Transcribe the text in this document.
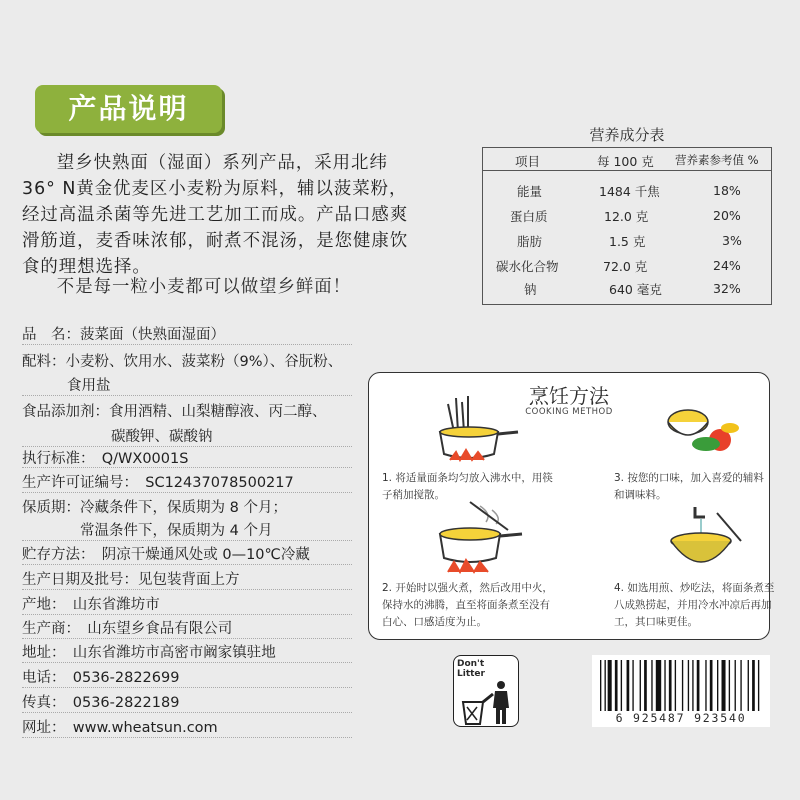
产品说明
望乡快熟面（湿面）系列产品，采用北纬
36° N黄金优麦区小麦粉为原料，辅以菠菜粉，
经过高温杀菌等先进工艺加工而成。产品口感爽
滑筋道，麦香味浓郁，耐煮不混汤，是您健康饮
食的理想选择。
不是每一粒小麦都可以做望乡鲜面！
营养成分表
项目	每 100 克 营养素参考值 %
能量	1484 千焦	18%
蛋白质	12.0 克	20%
脂肪	1.5 克	3%
碳水化合物	72.0 克	24%
钠	640 毫克	32%
品　名：菠菜面（快熟面湿面）
配料：小麦粉、饮用水、菠菜粉（9%）、谷朊粉、
食用盐
食品添加剂：食用酒精、山梨糖醇液、丙二醇、
碳酸钾、碳酸钠
执行标准：　Q/WX0001S
生产许可证编号：　SC12437078500217
保质期：冷藏条件下，保质期为 8 个月；
常温条件下，保质期为 4 个月
贮存方法：　阴凉干燥通风处或 0—10℃冷藏
生产日期及批号：见包装背面上方
产地：　山东省潍坊市
生产商：　山东望乡食品有限公司
地址：　山东省潍坊市高密市阚家镇驻地
电话：　0536-2822699
传真：　0536-2822189
网址：　www.wheatsun.com
烹饪方法
COOKING METHOD
1. 将适量面条均匀放入沸水中，用筷
子稍加搅散。
3. 按您的口味，加入喜爱的辅料
和调味料。
2. 开始时以强火煮，然后改用中火，
保持水的沸腾，直至将面条煮至没有
白心、口感适度为止。
4. 如选用煎、炒吃法，将面条煮至
八成熟捞起，并用冷水冲凉后再加
工，其口味更佳。
Don't
Litter
6 925487 923540
